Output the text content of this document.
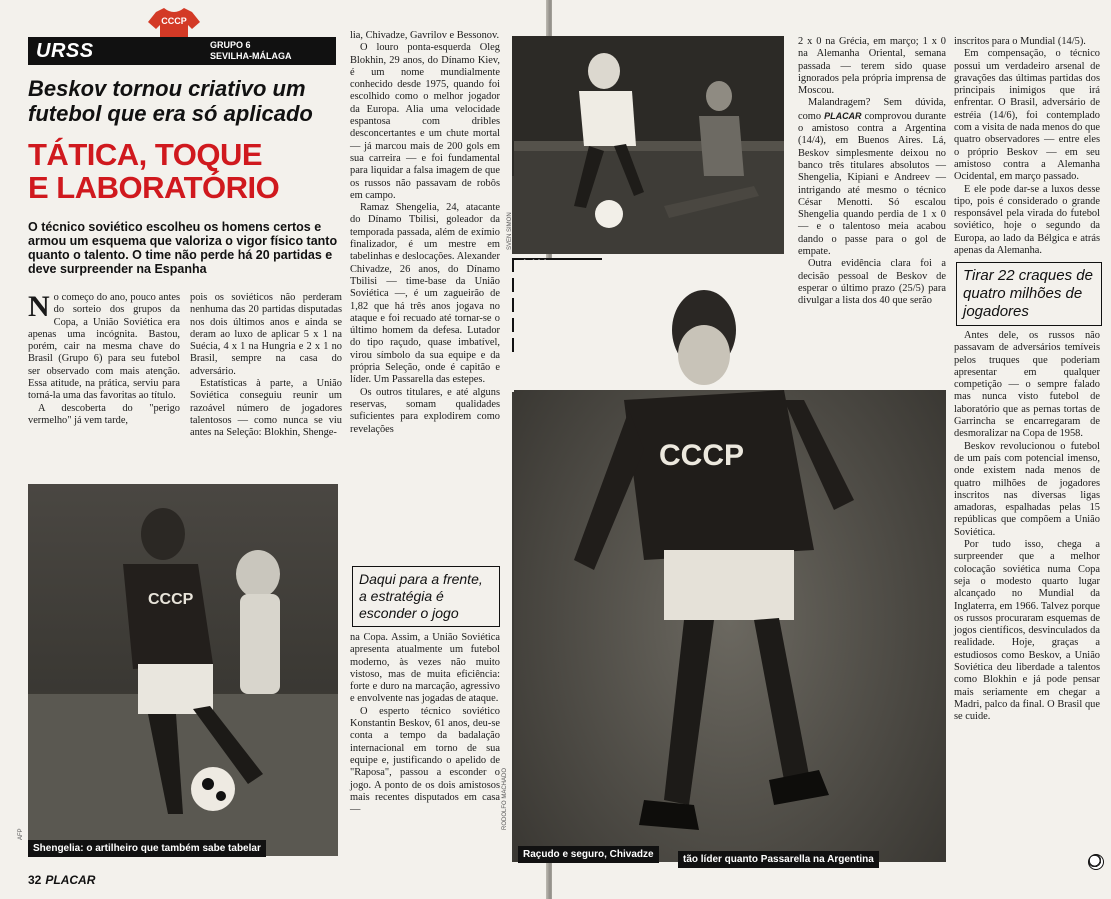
CCCP
URSS	GRUPO 6
SEVILHA-MÁLAGA
Beskov tornou criativo um futebol que era só aplicado
TÁTICA, TOQUE
E LABORATÓRIO
O técnico soviético escolheu os homens certos e armou um esquema que valoriza o vigor físico tanto quanto o talento. O time não perde há 20 partidas e deve surpreender na Espanha

No começo do ano, pouco antes do sorteio dos grupos da Copa, a União Soviética era apenas uma incógnita. Bastou, porém, cair na mesma chave do Brasil (Grupo 6) para seu futebol ser observado com mais atenção. Essa atitude, na prática, serviu para torná-la uma das favoritas ao título.

A descoberta do "perigo vermelho" já vem tarde,

pois os soviéticos não perderam nenhuma das 20 partidas disputadas nos dois últimos anos e ainda se deram ao luxo de aplicar 5 x 1 na Suécia, 4 x 1 na Hungria e 2 x 1 no Brasil, sempre na casa do adversário.

Estatísticas à parte, a União Soviética conseguiu reunir um razoável número de jogadores talentosos — como nunca se viu antes na Seleção: Blokhin, Shenge-

CCCP
Shengelia: o artilheiro que também sabe tabelar
AFP

lia, Chivadze, Gavrilov e Bessonov.

O louro ponta-esquerda Oleg Blokhin, 29 anos, do Dínamo Kiev, é um nome mundialmente conhecido desde 1975, quando foi escolhido como o melhor jogador da Europa. Alia uma velocidade espantosa com dribles desconcertantes e um chute mortal — já marcou mais de 200 gols em sua carreira — e foi fundamental para liquidar a falsa imagem de que os russos não passavam de robôs em campo.

Ramaz Shengelia, 24, atacante do Dínamo Tbilisi, goleador da temporada passada, além de exímio finalizador, é um mestre em tabelinhas e deslocações. Alexander Chivadze, 26 anos, do Dínamo Tbilisi — time-base da União Soviética —, é um zagueirão de 1,82 que há três anos jogava no ataque e foi recuado até tornar-se o último homem da defesa. Lutador do tipo raçudo, quase imbatível, virou símbolo da sua equipe e da própria Seleção, onde é capitão e líder. Um Passarella das estepes.

Os outros titulares, e até alguns reservas, somam qualidades suficientes para explodirem como revelações

Daqui para a frente, a estratégia é esconder o jogo

na Copa. Assim, a União Soviética apresenta atualmente um futebol moderno, às vezes não muito vistoso, mas de muita eficiência: forte e duro na marcação, agressivo e envolvente nas jogadas de ataque.

O esperto técnico soviético Konstantin Beskov, 61 anos, deu-se conta a tempo da badalação internacional em torno de sua equipe e, justificando o apelido de "Raposa", passou a esconder o jogo. A ponto de os dois amistosos mais recentes disputados em casa —

32 PLACAR

SVEN SIMON
CCCP
Raçudo e seguro, Chivadze	tão líder quanto Passarella na Argentina
RODOLFO MACHADO

2 x 0 na Grécia, em março; 1 x 0 na Alemanha Oriental, semana passada — terem sido quase ignorados pela própria imprensa de Moscou.

Malandragem? Sem dúvida, como PLACAR comprovou durante o amistoso contra a Argentina (14/4), em Buenos Aires. Lá, Beskov simplesmente deixou no banco três titulares absolutos — Shengelia, Kipiani e Andreev — intrigando até mesmo o técnico César Menotti. Só escalou Shengelia quando perdia de 1 x 0 — e o talentoso meia acabou dando o passe para o gol de empate.

Outra evidência clara foi a decisão pessoal de Beskov de esperar o último prazo (25/5) para divulgar a lista dos 40 que serão

inscritos para o Mundial (14/5).

Em compensação, o técnico possui um verdadeiro arsenal de gravações das últimas partidas dos principais inimigos que irá enfrentar. O Brasil, adversário de estréia (14/6), foi contemplado com a visita de nada menos do que quatro observadores — entre eles o próprio Beskov — em seu amistoso contra a Alemanha Ocidental, em março passado.

E ele pode dar-se a luxos desse tipo, pois é considerado o grande responsável pela virada do futebol soviético, hoje o segundo da Europa, ao lado da Bélgica e atrás apenas da Alemanha.

Tirar 22 craques de quatro milhões de jogadores

Antes dele, os russos não passavam de adversários temíveis pelos truques que poderiam apresentar em qualquer competição — o sempre falado mas nunca visto futebol de laboratório que as pernas tortas de Garrincha se encarregaram de desmoralizar na Copa de 1958.

Beskov revolucionou o futebol de um país com potencial imenso, onde existem nada menos de quatro milhões de jogadores inscritos nas diversas ligas amadoras, espalhadas pelas 15 repúblicas que compõem a União Soviética.

Por tudo isso, chega a surpreender que a melhor colocação soviética numa Copa seja o modesto quarto lugar alcançado no Mundial da Inglaterra, em 1966. Talvez porque os russos procuraram esquemas de jogos científicos, desvinculados da realidade. Hoje, graças a estudiosos como Beskov, a União Soviética deu liberdade a talentos como Blokhin e já pode pensar mais seriamente em chegar a Madri, palco da final. O Brasil que se cuide.
